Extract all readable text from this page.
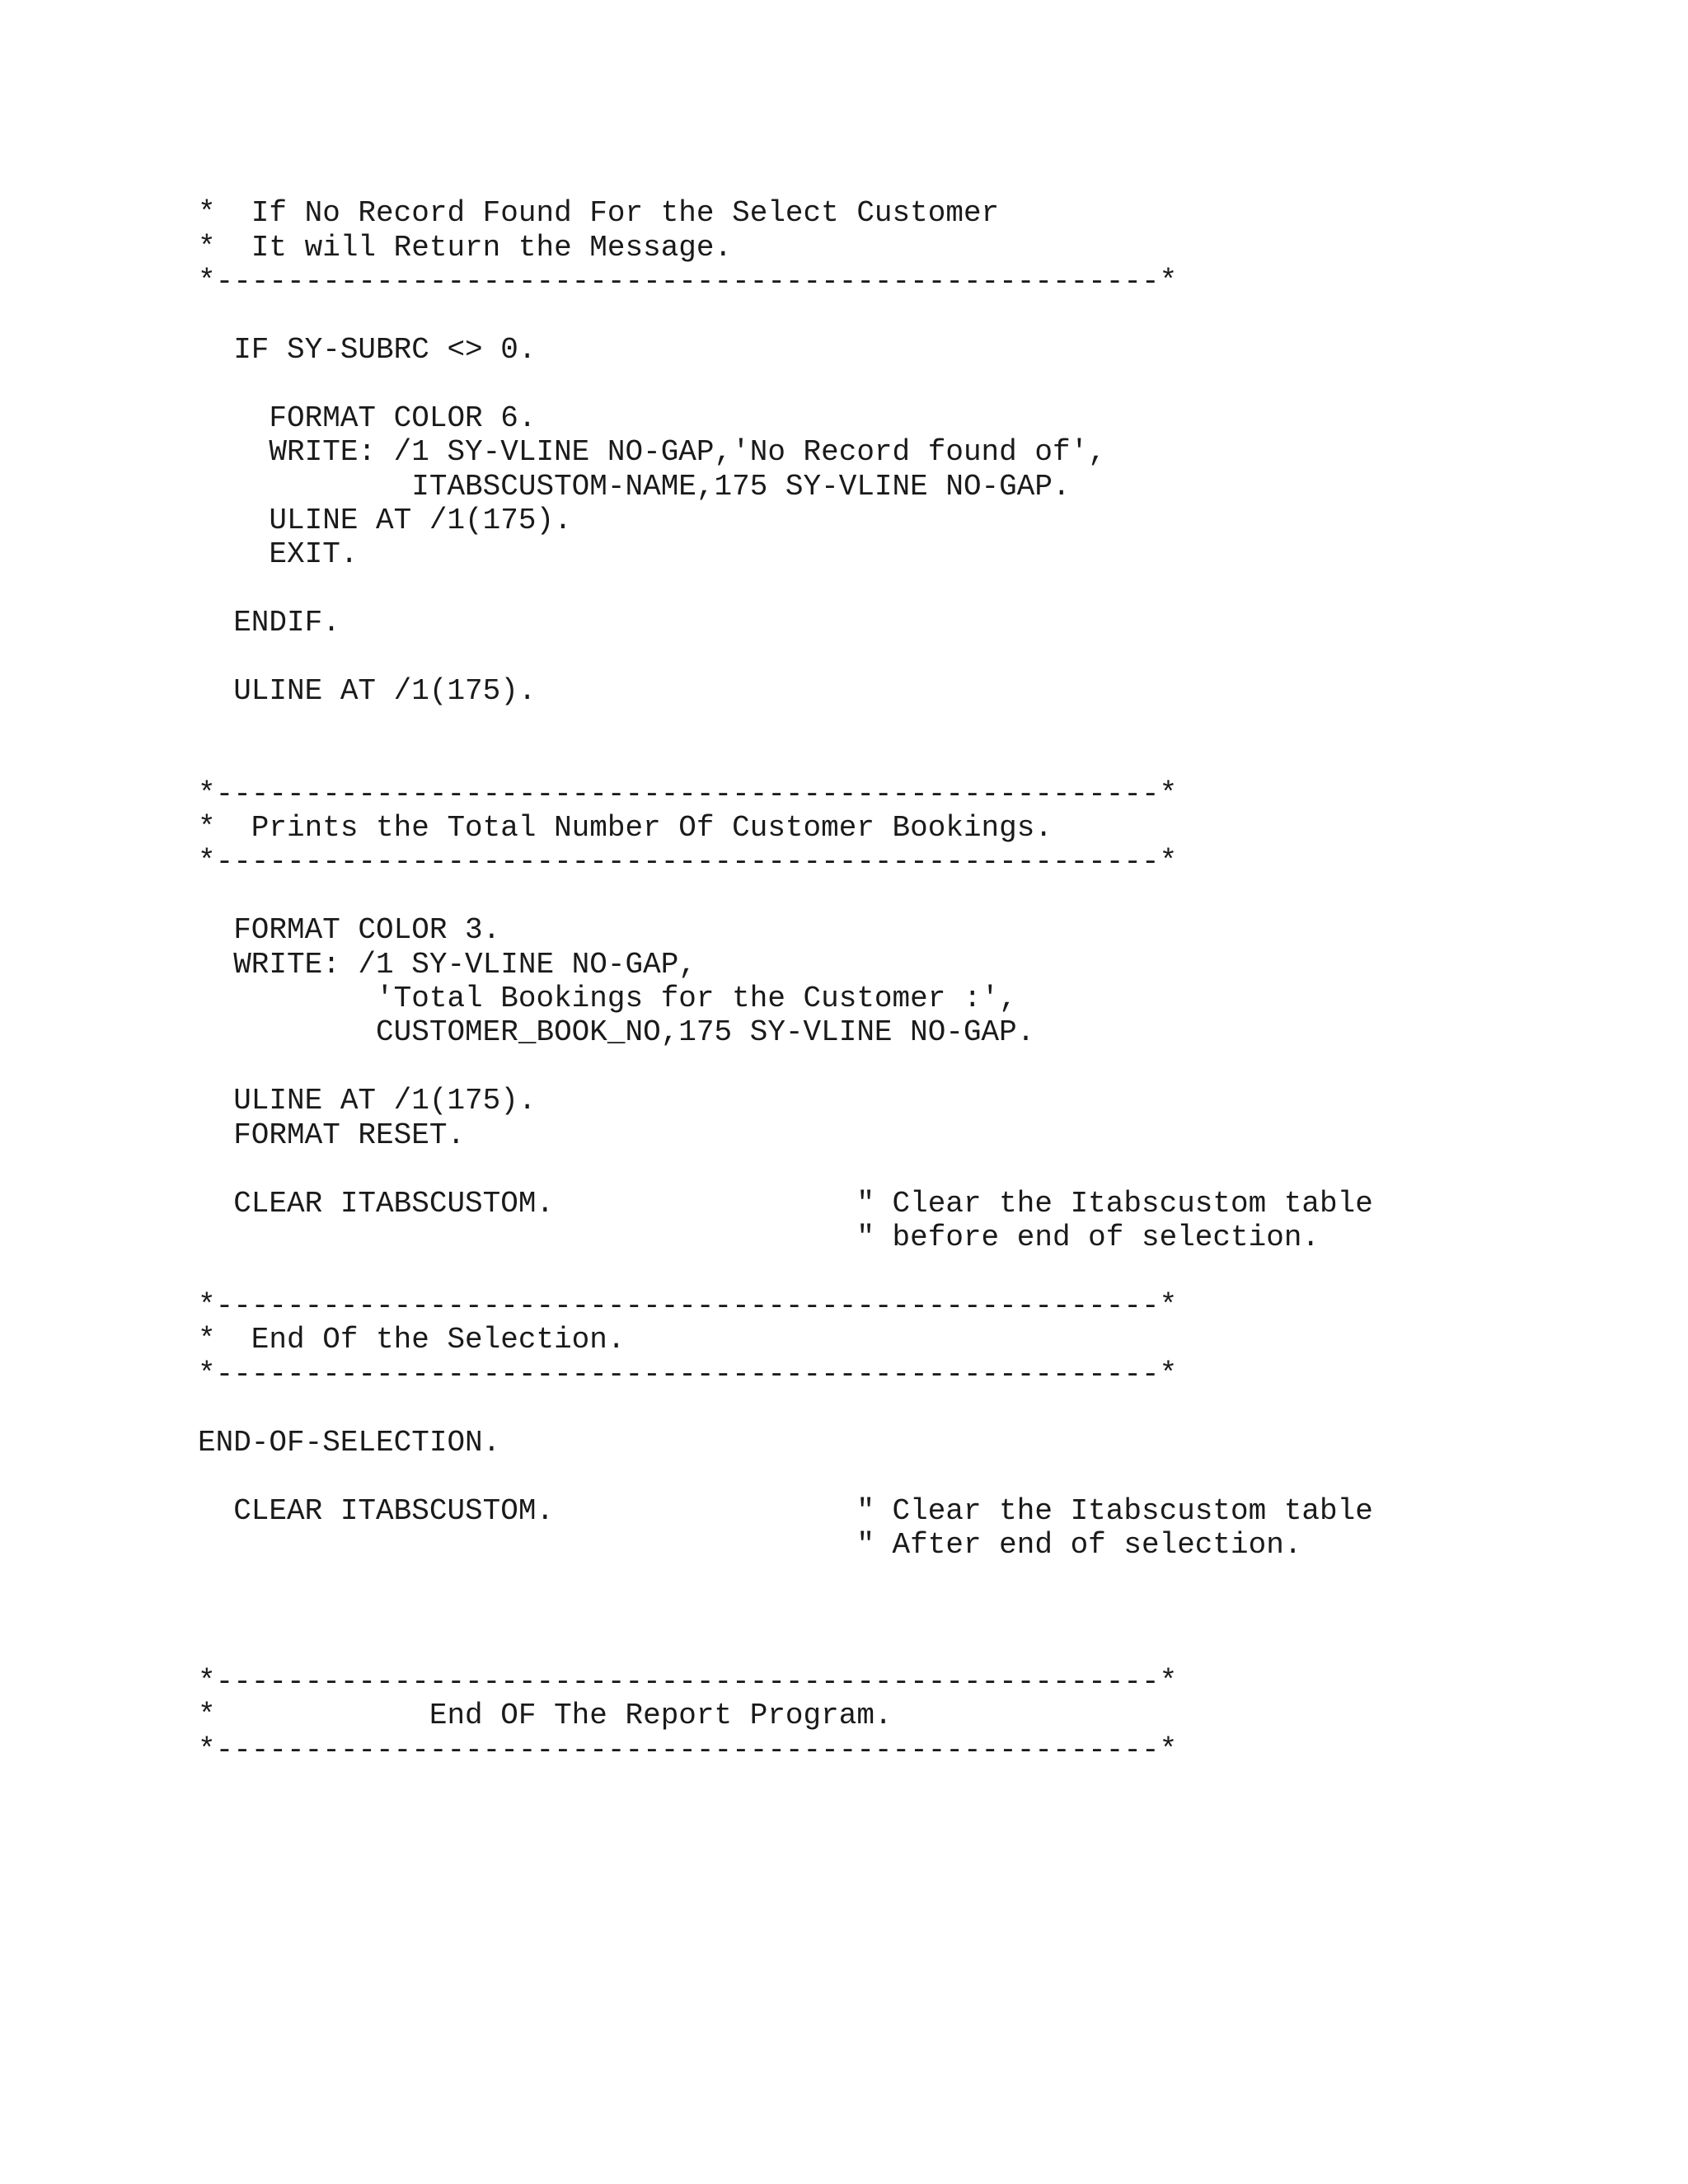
*  If No Record Found For the Select Customer
*  It will Return the Message.
*-----------------------------------------------------*
IF SY-SUBRC <> 0.
FORMAT COLOR 6.
WRITE: /1 SY-VLINE NO-GAP,'No Record found of',
ITABSCUSTOM-NAME,175 SY-VLINE NO-GAP.
ULINE AT /1(175).
EXIT.
ENDIF.
ULINE AT /1(175).
*-----------------------------------------------------*
*  Prints the Total Number Of Customer Bookings.
*-----------------------------------------------------*
FORMAT COLOR 3.
WRITE: /1 SY-VLINE NO-GAP,
'Total Bookings for the Customer :',
CUSTOMER_BOOK_NO,175 SY-VLINE NO-GAP.
ULINE AT /1(175).
FORMAT RESET.
CLEAR ITABSCUSTOM.                 " Clear the Itabscustom table
" before end of selection.
*-----------------------------------------------------*
*  End Of the Selection.
*-----------------------------------------------------*
END-OF-SELECTION.
CLEAR ITABSCUSTOM.                 " Clear the Itabscustom table
" After end of selection.
*-----------------------------------------------------*
*            End OF The Report Program.
*-----------------------------------------------------*
